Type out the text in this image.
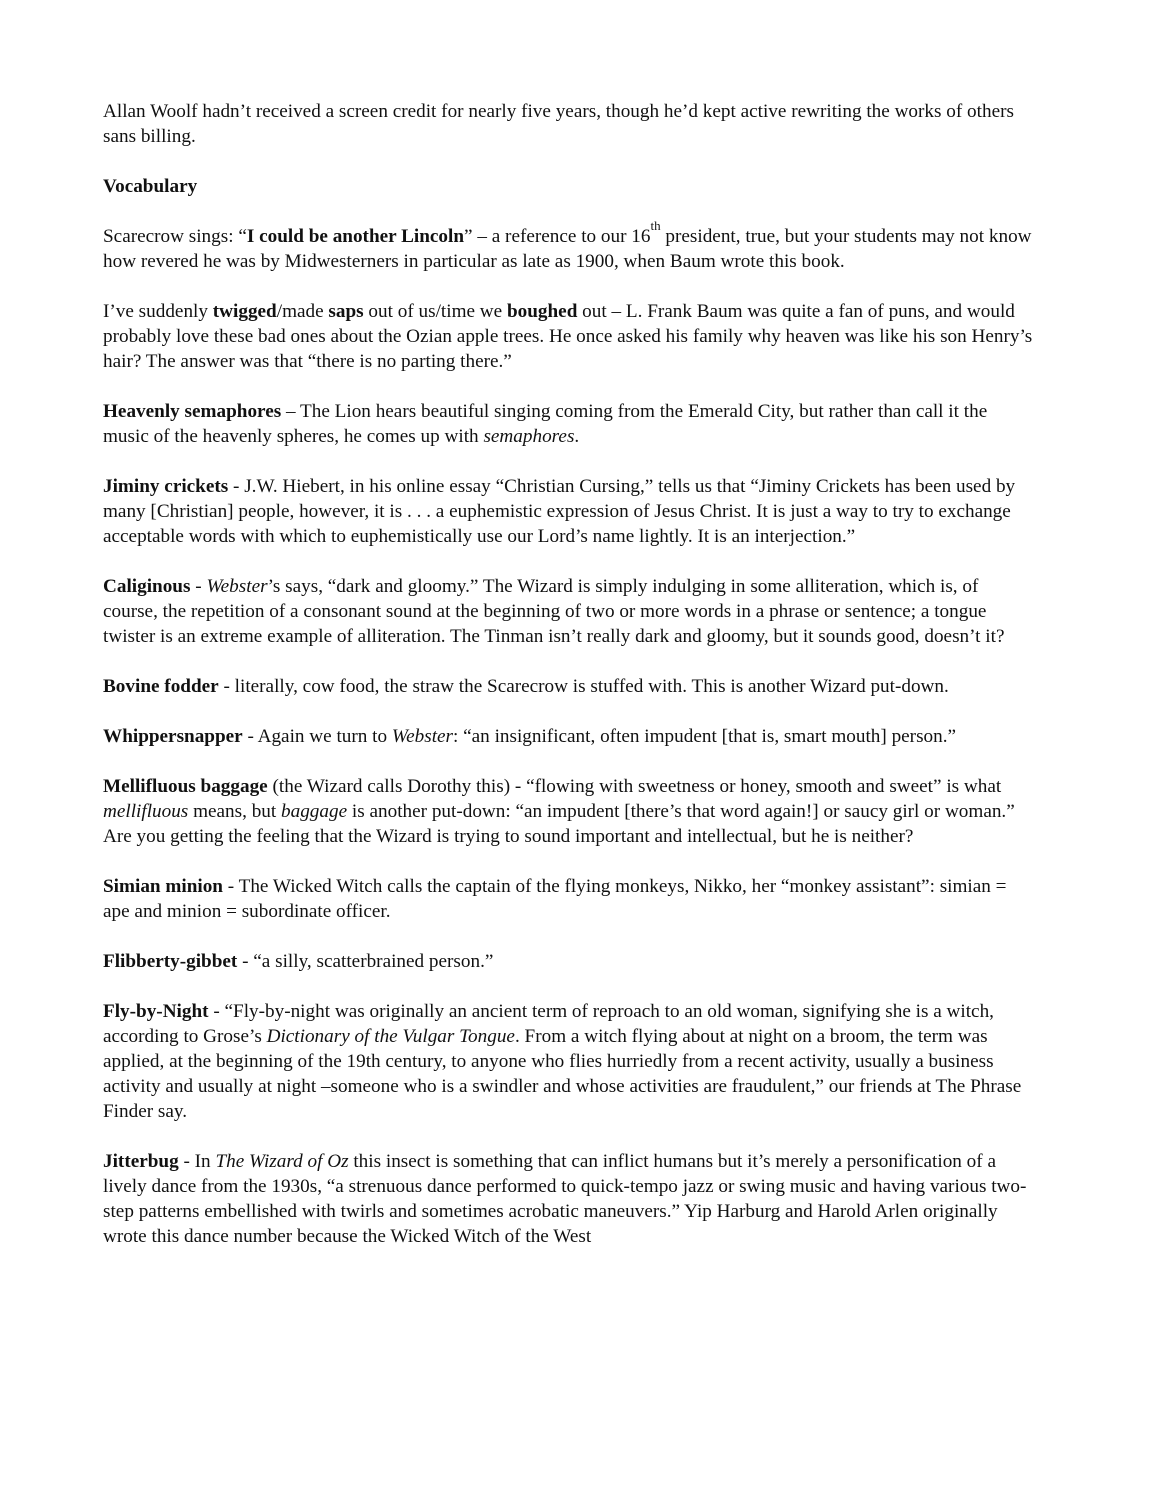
Allan Woolf hadn’t received a screen credit for nearly five years, though he’d kept active rewriting the works of others sans billing.

Vocabulary

Scarecrow sings: “I could be another Lincoln” – a reference to our 16th president, true, but your students may not know how revered he was by Midwesterners in particular as late as 1900, when Baum wrote this book.

I’ve suddenly twigged/made saps out of us/time we boughed out – L. Frank Baum was quite a fan of puns, and would probably love these bad ones about the Ozian apple trees. He once asked his family why heaven was like his son Henry’s hair? The answer was that “there is no parting there.”

Heavenly semaphores – The Lion hears beautiful singing coming from the Emerald City, but rather than call it the music of the heavenly spheres, he comes up with semaphores.

Jiminy crickets - J.W. Hiebert, in his online essay “Christian Cursing,” tells us that “Jiminy Crickets has been used by many [Christian] people, however, it is . . . a euphemistic expression of Jesus Christ. It is just a way to try to exchange acceptable words with which to euphemistically use our Lord’s name lightly. It is an interjection.”

Caliginous - Webster’s says, “dark and gloomy.” The Wizard is simply indulging in some alliteration, which is, of course, the repetition of a consonant sound at the beginning of two or more words in a phrase or sentence; a tongue twister is an extreme example of alliteration. The Tinman isn’t really dark and gloomy, but it sounds good, doesn’t it?

Bovine fodder - literally, cow food, the straw the Scarecrow is stuffed with. This is another Wizard put-down.

Whippersnapper - Again we turn to Webster: “an insignificant, often impudent [that is, smart mouth] person.”

Mellifluous baggage (the Wizard calls Dorothy this) - “flowing with sweetness or honey, smooth and sweet” is what mellifluous means, but baggage is another put-down: “an impudent [there’s that word again!] or saucy girl or woman.” Are you getting the feeling that the Wizard is trying to sound important and intellectual, but he is neither?

Simian minion - The Wicked Witch calls the captain of the flying monkeys, Nikko, her “monkey assistant”: simian = ape and minion = subordinate officer.

Flibberty-gibbet - “a silly, scatterbrained person.”

Fly-by-Night - “Fly-by-night was originally an ancient term of reproach to an old woman, signifying she is a witch, according to Grose’s Dictionary of the Vulgar Tongue. From a witch flying about at night on a broom, the term was applied, at the beginning of the 19th century, to anyone who flies hurriedly from a recent activity, usually a business activity and usually at night –someone who is a swindler and whose activities are fraudulent,” our friends at The Phrase Finder say.

Jitterbug - In The Wizard of Oz this insect is something that can inflict humans but it’s merely a personification of a lively dance from the 1930s, “a strenuous dance performed to quick-tempo jazz or swing music and having various two-step patterns embellished with twirls and sometimes acrobatic maneuvers.” Yip Harburg and Harold Arlen originally wrote this dance number because the Wicked Witch of the West
